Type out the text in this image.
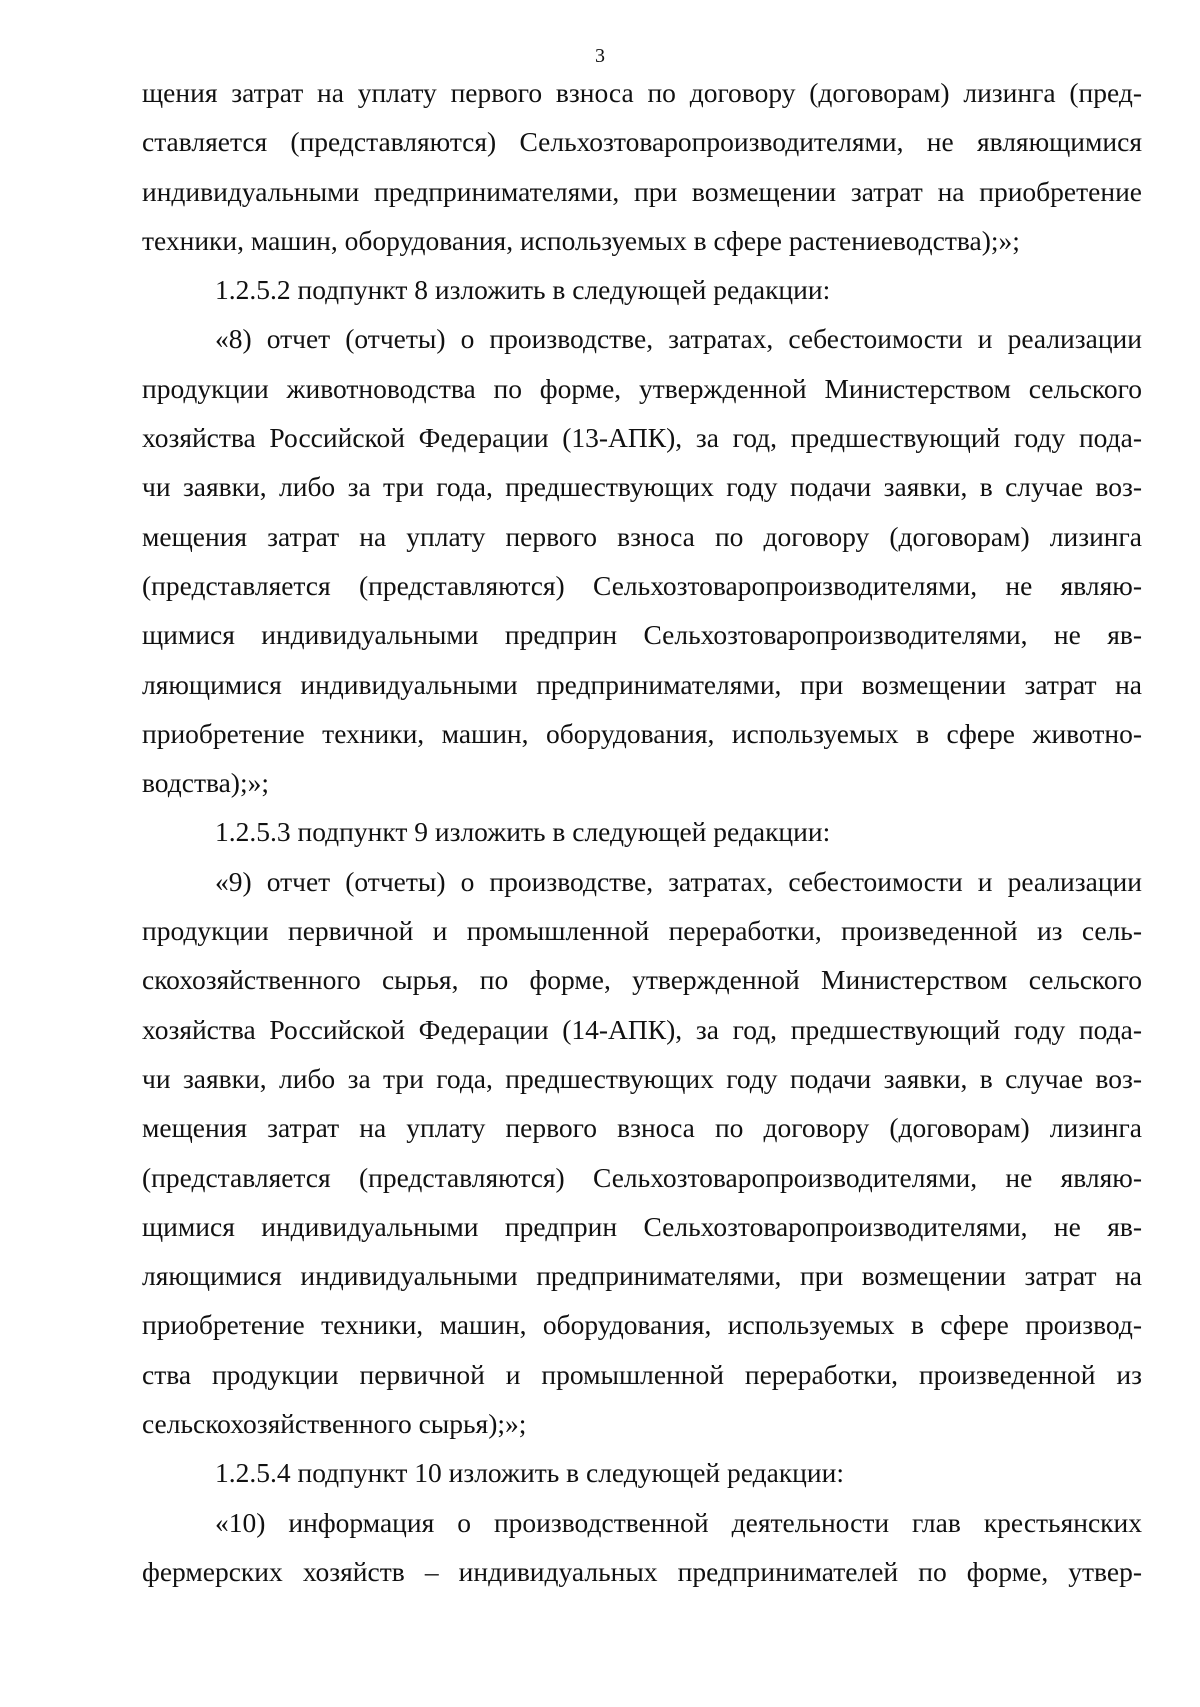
3
щения затрат на уплату первого взноса по договору (договорам) лизинга (пред-
ставляется (представляются) Сельхозтоваропроизводителями, не являющимися
индивидуальными предпринимателями, при возмещении затрат на приобретение
техники, машин, оборудования, используемых в сфере растениеводства);»;
1.2.5.2 подпункт 8 изложить в следующей редакции:
«8) отчет (отчеты) о производстве, затратах, себестоимости и реализации
продукции животноводства по форме, утвержденной Министерством сельского
хозяйства Российской Федерации (13-АПК), за год, предшествующий году пода-
чи заявки, либо за три года, предшествующих году подачи заявки, в случае воз-
мещения затрат на уплату первого взноса по договору (договорам) лизинга
(представляется (представляются) Сельхозтоваропроизводителями, не являю-
щимися индивидуальными предприн Сельхозтоваропроизводителями, не яв-
ляющимися индивидуальными предпринимателями, при возмещении затрат на
приобретение техники, машин, оборудования, используемых в сфере животно-
водства);»;
1.2.5.3 подпункт 9 изложить в следующей редакции:
«9) отчет (отчеты) о производстве, затратах, себестоимости и реализации
продукции первичной и промышленной переработки, произведенной из сель-
скохозяйственного сырья, по форме, утвержденной Министерством сельского
хозяйства Российской Федерации (14-АПК), за год, предшествующий году пода-
чи заявки, либо за три года, предшествующих году подачи заявки, в случае воз-
мещения затрат на уплату первого взноса по договору (договорам) лизинга
(представляется (представляются) Сельхозтоваропроизводителями, не являю-
щимися индивидуальными предприн Сельхозтоваропроизводителями, не яв-
ляющимися индивидуальными предпринимателями, при возмещении затрат на
приобретение техники, машин, оборудования, используемых в сфере производ-
ства продукции первичной и промышленной переработки, произведенной из
сельскохозяйственного сырья);»;
1.2.5.4 подпункт 10 изложить в следующей редакции:
«10) информация о производственной деятельности глав крестьянских
фермерских хозяйств – индивидуальных предпринимателей по форме, утвер-
